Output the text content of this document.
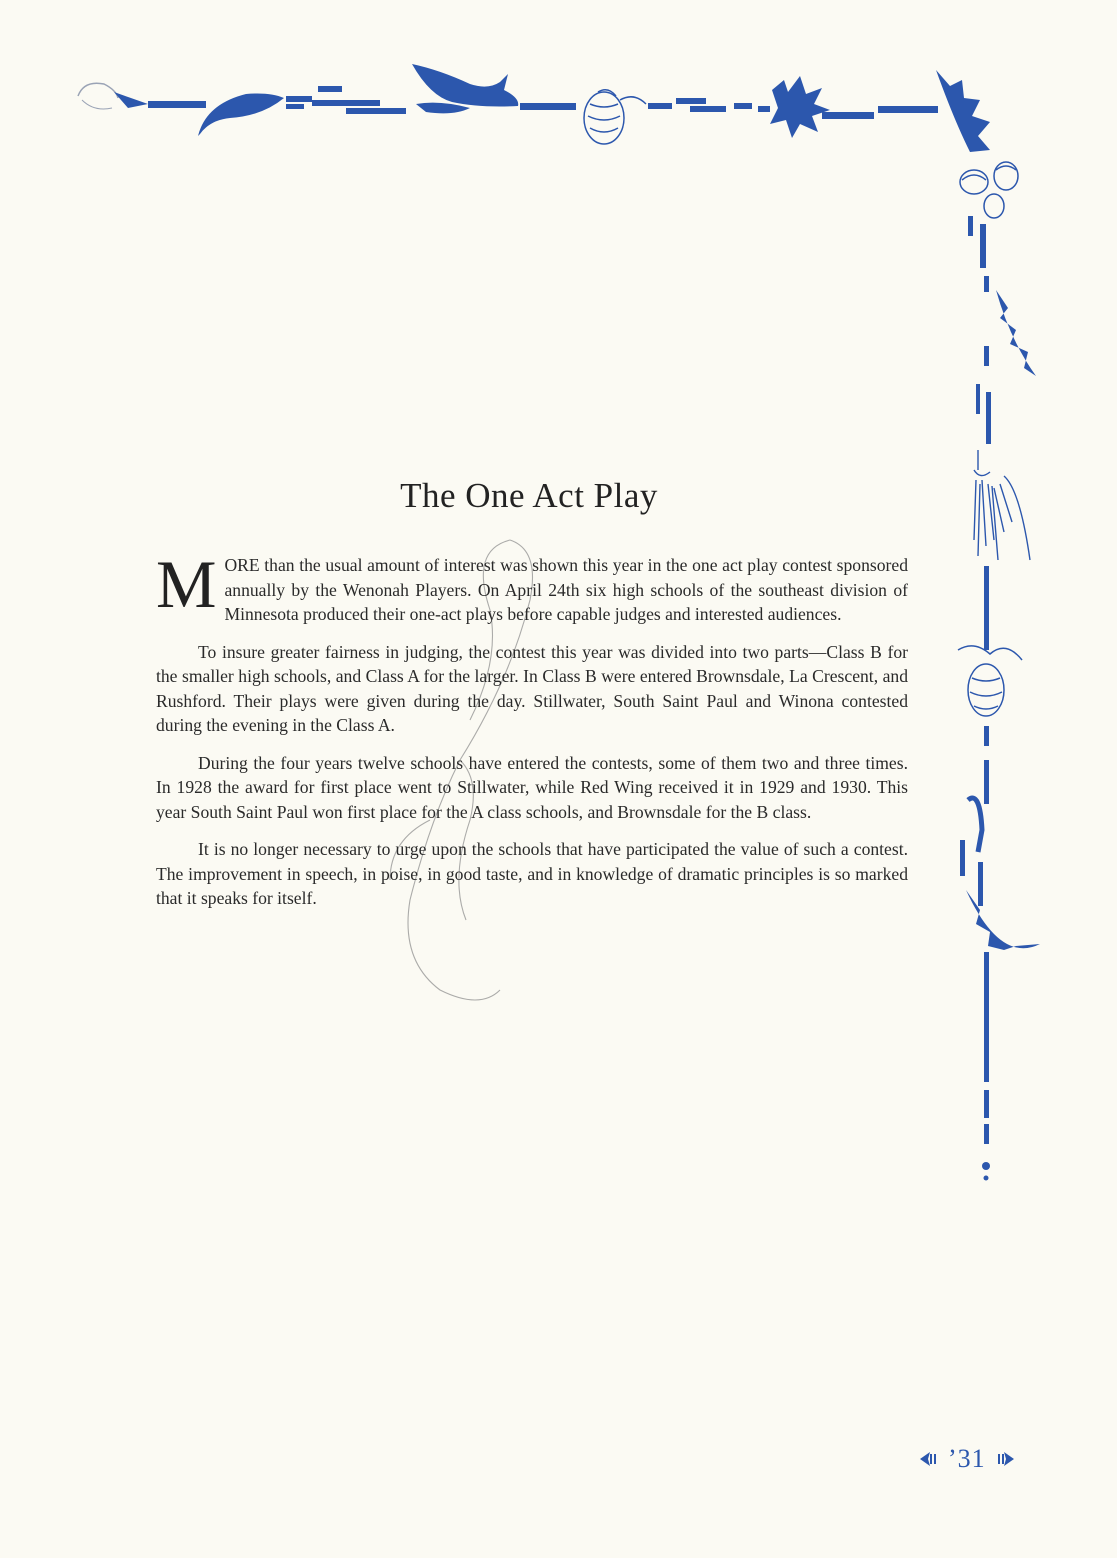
The One Act Play

MORE than the usual amount of interest was shown this year in the one act play contest sponsored annually by the Wenonah Players. On April 24th six high schools of the southeast division of Minnesota produced their one-act plays before capable judges and interested audiences.

To insure greater fairness in judging, the contest this year was divided into two parts—Class B for the smaller high schools, and Class A for the larger. In Class B were entered Brownsdale, La Crescent, and Rushford. Their plays were given during the day. Stillwater, South Saint Paul and Winona contested during the evening in the Class A.

During the four years twelve schools have entered the contests, some of them two and three times. In 1928 the award for first place went to Stillwater, while Red Wing received it in 1929 and 1930. This year South Saint Paul won first place for the A class schools, and Brownsdale for the B class.

It is no longer necessary to urge upon the schools that have participated the value of such a contest. The improvement in speech, in poise, in good taste, and in knowledge of dramatic principles is so marked that it speaks for itself.

’31
